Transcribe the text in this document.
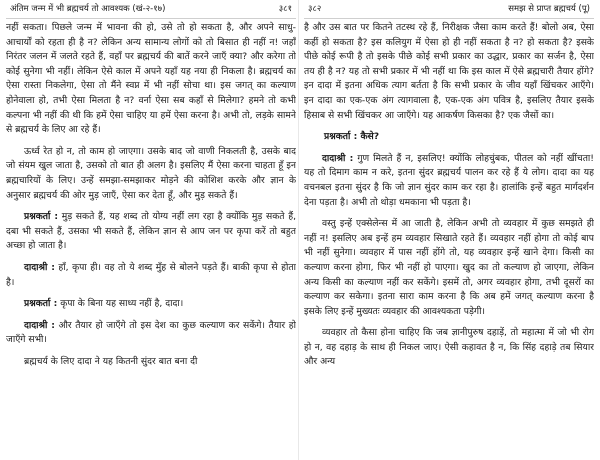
अंतिम जन्म में भी ब्रह्मचर्य तो आवश्यक (खं-२-१७)	३८१

नहीं सकता। पिछले जन्म में भावना की हो, उसे तो हो सकता है, और अपने साधु-आचार्यों को रहता ही है न? लेकिन अन्य सामान्य लोगों को तो बिसात ही नहीं न! जहाँ निरंतर जलन में जलते रहते हैं, वहाँ पर ब्रह्मचर्य की बातें करने जाएँ क्या? और करेगा तो कोई सुनेगा भी नहीं। लेकिन ऐसे काल में अपने यहाँ यह नया ही निकला है। ब्रह्मचर्य का ऐसा रास्ता निकलेगा, ऐसा तो मैंने स्वप्न में भी नहीं सोचा था। इस जगत् का कल्याण होनेवाला हो, तभी ऐसा मिलता है न? वर्ना ऐसा सब कहाँ से मिलेगा? हमने तो कभी कल्पना भी नहीं की थी कि हमें ऐसा चाहिए या हमें ऐसा करना है। अभी तो, लड़के सामने से ब्रह्मचर्य के लिए आ रहे हैं।

ऊर्ध्व रेत हो न, तो काम हो जाएगा। उसके बाद जो वाणी निकलती है, उसके बाद जो संयम खुल जाता है, उसको तो बात ही अलग है। इसलिए मैं ऐसा करना चाहता हूँ इन ब्रह्मचारियों के लिए। उन्हें समझा-समझाकर मोड़ने की कोशिश करके और ज्ञान के अनुसार ब्रह्मचर्य की ओर मुड़ जाएँ, ऐसा कर देता हूँ, और मुड़ सकते हैं।

प्रश्नकर्ता : मुड़ सकते हैं, यह शब्द तो योग्य नहीं लग रहा है क्योंकि मुड़ सकते हैं, दबा भी सकते हैं, उसका भी सकते हैं, लेकिन ज्ञान से आप जन पर कृपा करें तो बहुत अच्छा हो जाता है।

दादाश्री : हाँ, कृपा ही। वह तो ये शब्द मुँह से बोलने पड़ते हैं। बाकी कृपा से होता है।

प्रश्नकर्ता : कृपा के बिना यह साध्य नहीं है, दादा।

दादाश्री : और तैयार हो जाएँगे तो इस देश का कुछ कल्याण कर सकेंगे। तैयार हो जाएँगे सभी।

ब्रह्मचर्य के लिए दादा ने यह कितनी सुंदर बात बना दी

३८२	समझ से प्राप्त ब्रह्मचर्य (पू)

है और उस बात पर कितने तटस्थ रहे हैं, निरीक्षक जैसा काम करते हैं! बोलो अब, ऐसा कहीं हो सकता है? इस कलियुग में ऐसा हो ही नहीं सकता है न? हो सकता है? इसके पीछे कोई रूपी है तो इसके पीछे कोई सभी प्रकार का उद्धार, प्रकार का सर्जन है, ऐसा तय ही है न? यह तो सभी प्रकार में भी नहीं था कि इस काल में ऐसे ब्रह्मचारी तैयार होंगे? इन दादा में इतना अधिक त्याग बर्तता है कि सभी प्रकार के जीव यहाँ खिंचकर आएँगे। इन दादा का एक-एक अंग त्यागवाला है, एक-एक अंग पवित्र है, इसलिए तैयार इसके हिसाब से सभी खिंचकर आ जाएँगे। यह आकर्षण किसका है? एक जैसों का।

प्रश्नकर्ता : कैसे?

दादाश्री : गुण मिलते हैं न, इसलिए! क्योंकि लोहचुंबक, पीतल को नहीं खींचता! यह तो दिमाग काम न करे, इतना सुंदर ब्रह्मचर्य पालन कर रहे हैं ये लोग। दादा का यह वचनबल इतना सुंदर है कि जो ज्ञान सुंदर काम कर रहा है। हालांकि इन्हें बहुत मार्गदर्शन देना पड़ता है। अभी तो थोड़ा धमकाना भी पड़ता है।

वस्तु इन्हें एक्सेलेन्स में आ जाती है, लेकिन अभी तो व्यवहार में कुछ समझते ही नहीं न! इसलिए अब इन्हें हम व्यवहार सिखाते रहते हैं। व्यवहार नहीं होगा तो कोई बाप भी नहीं सुनेगा। व्यवहार में पास नहीं होंगे तो, यह व्यवहार इन्हें खाने देगा। किसी का कल्याण करना होगा, फिर भी नहीं हो पाएगा। खुद का तो कल्याण हो जाएगा, लेकिन अन्य किसी का कल्याण नहीं कर सकेंगे। इसमें तो, अगर व्यवहार होगा, तभी दूसरों का कल्याण कर सकेगा। इतना सारा काम करना है कि अब हमें जगत् कल्याण करना है इसके लिए इन्हें मुख्यतः व्यवहार की आवश्यकता पड़ेगी।

व्यवहार तो कैसा होना चाहिए कि जब ज्ञानीपुरुष दहाड़ें, तो महात्मा में जो भी रोग हो न, वह दहाड़ के साथ ही निकल जाए। ऐसी कहावत है न, कि सिंह दहाड़े तब सियार और अन्य
